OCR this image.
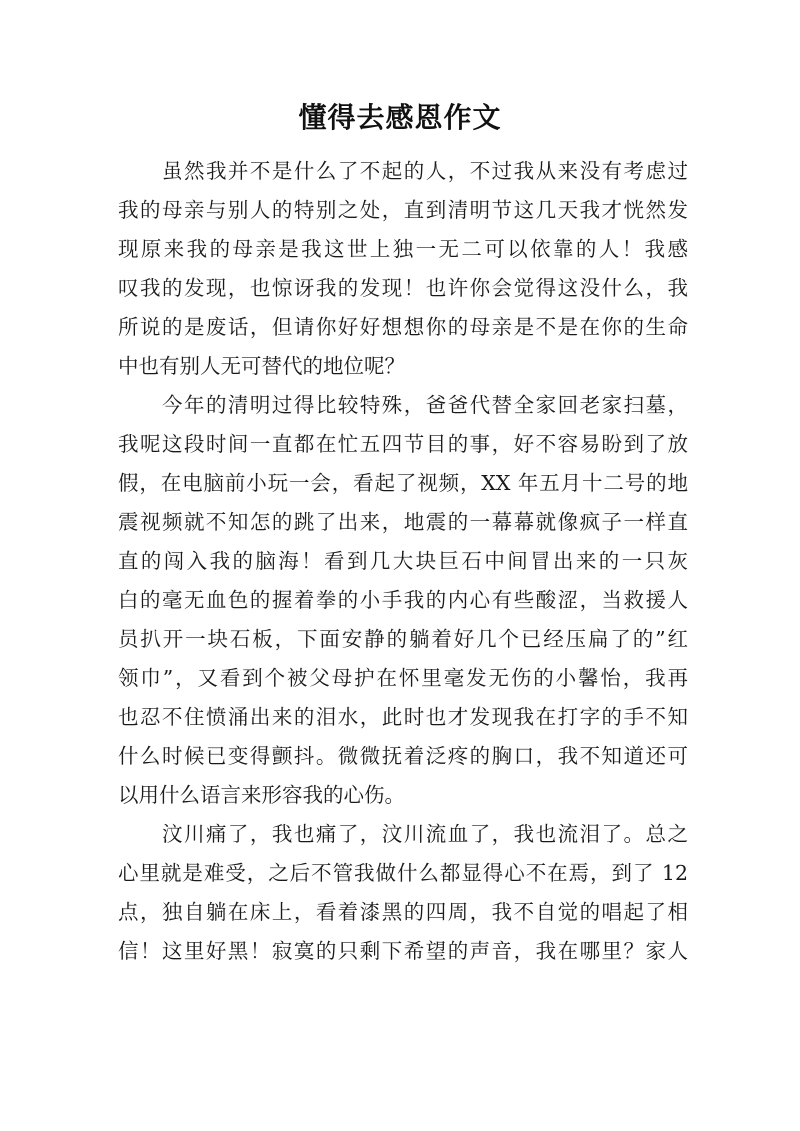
懂得去感恩作文
虽然我并不是什么了不起的人，不过我从来没有考虑过
我的母亲与别人的特别之处，直到清明节这几天我才恍然发
现原来我的母亲是我这世上独一无二可以依靠的人！我感
叹我的发现，也惊讶我的发现！也许你会觉得这没什么，我
所说的是废话，但请你好好想想你的母亲是不是在你的生命
中也有别人无可替代的地位呢？
今年的清明过得比较特殊，爸爸代替全家回老家扫墓，
我呢这段时间一直都在忙五四节目的事，好不容易盼到了放
假，在电脑前小玩一会，看起了视频，XX 年五月十二号的地
震视频就不知怎的跳了出来，地震的一幕幕就像疯子一样直
直的闯入我的脑海！看到几大块巨石中间冒出来的一只灰
白的毫无血色的握着拳的小手我的内心有些酸涩，当救援人
员扒开一块石板，下面安静的躺着好几个已经压扁了的”红
领巾”，又看到个被父母护在怀里毫发无伤的小馨怡，我再
也忍不住愤涌出来的泪水，此时也才发现我在打字的手不知
什么时候已变得颤抖。微微抚着泛疼的胸口，我不知道还可
以用什么语言来形容我的心伤。
汶川痛了，我也痛了，汶川流血了，我也流泪了。总之
心里就是难受，之后不管我做什么都显得心不在焉，到了 12
点，独自躺在床上，看着漆黑的四周，我不自觉的唱起了相
信！这里好黑！寂寞的只剩下希望的声音，我在哪里？家人
